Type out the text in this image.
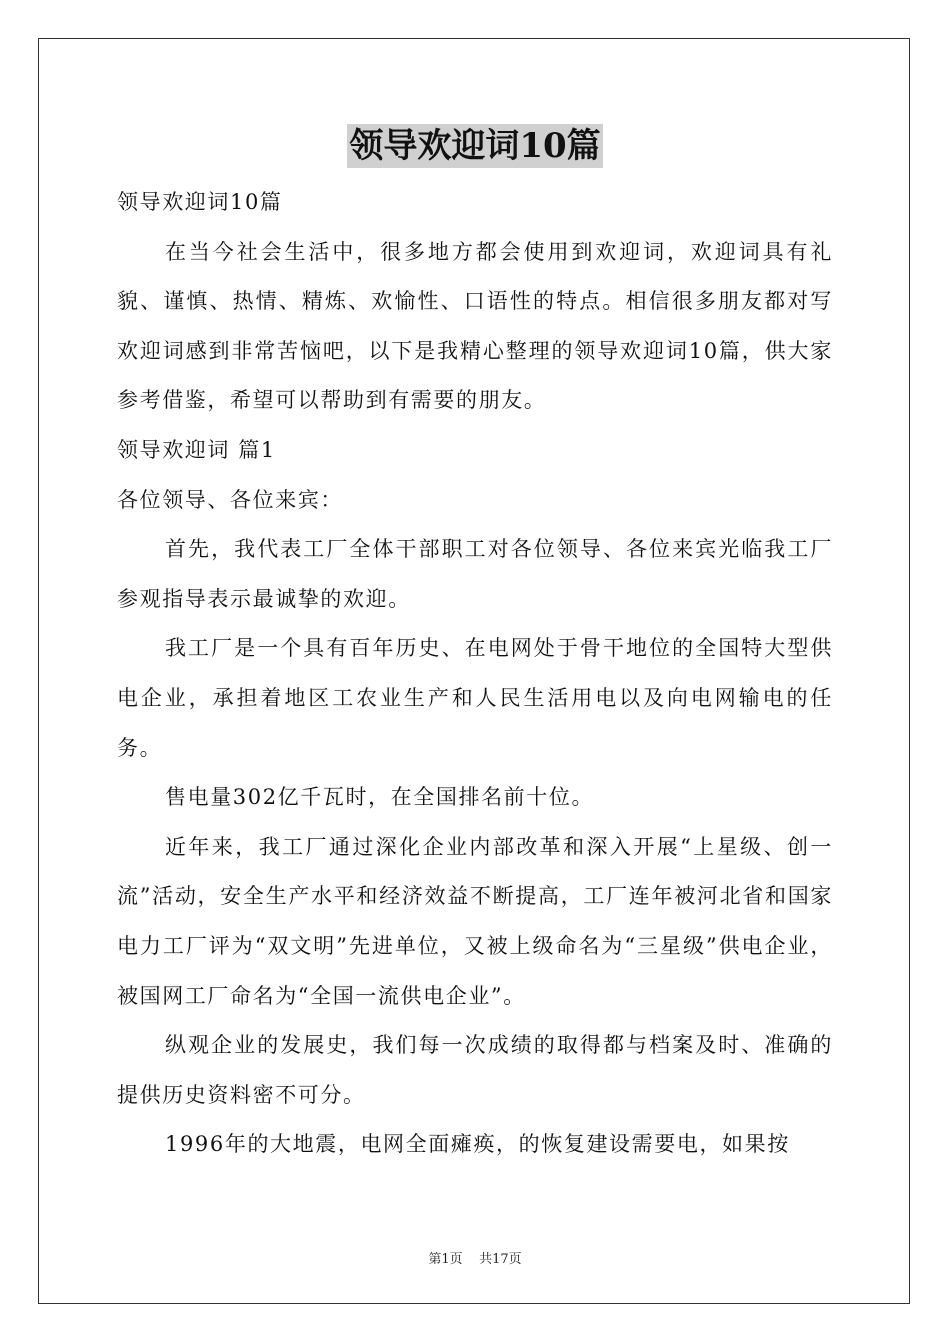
领导欢迎词10篇

领导欢迎词10篇

在当今社会生活中，很多地方都会使用到欢迎词，欢迎词具有礼貌、谨慎、热情、精炼、欢愉性、口语性的特点。相信很多朋友都对写欢迎词感到非常苦恼吧，以下是我精心整理的领导欢迎词10篇，供大家参考借鉴，希望可以帮助到有需要的朋友。

领导欢迎词 篇1

各位领导、各位来宾：

首先，我代表工厂全体干部职工对各位领导、各位来宾光临我工厂参观指导表示最诚挚的欢迎。

我工厂是一个具有百年历史、在电网处于骨干地位的全国特大型供电企业，承担着地区工农业生产和人民生活用电以及向电网输电的任务。

售电量302亿千瓦时，在全国排名前十位。

近年来，我工厂通过深化企业内部改革和深入开展“上星级、创一流”活动，安全生产水平和经济效益不断提高，工厂连年被河北省和国家电力工厂评为“双文明”先进单位，又被上级命名为“三星级”供电企业，被国网工厂命名为“全国一流供电企业”。

纵观企业的发展史，我们每一次成绩的取得都与档案及时、准确的提供历史资料密不可分。

1996年的大地震，电网全面瘫痪，的恢复建设需要电，如果按

第1页 共17页
